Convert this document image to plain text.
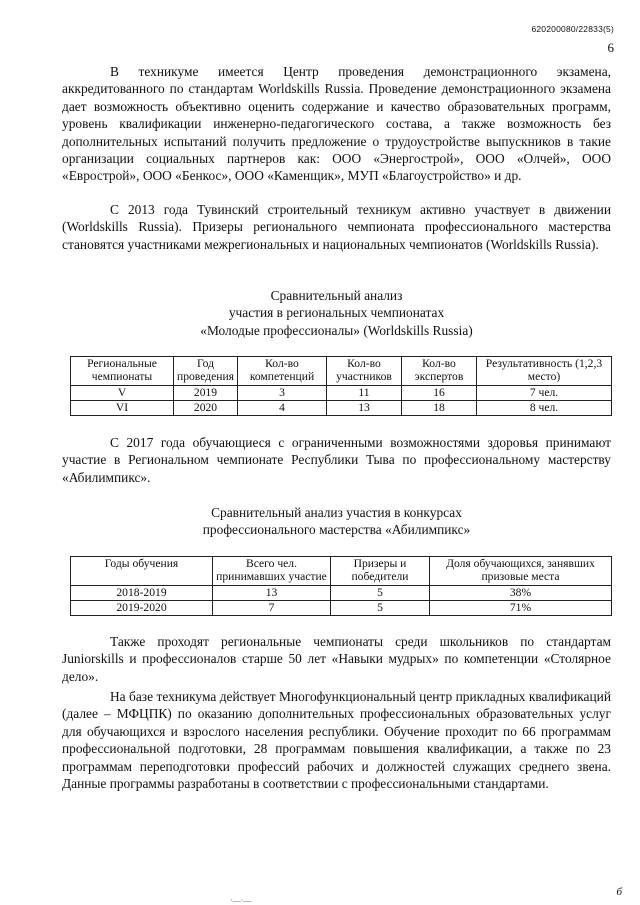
620200080/22833(5)
6

В техникуме имеется Центр проведения демонстрационного экзамена, аккредитованного по стандартам Worldskills Russia. Проведение демонстрационного экзамена дает возможность объективно оценить содержание и качество образовательных программ, уровень квалификации инженерно-педагогического состава, а также возможность без дополнительных испытаний получить предложение о трудоустройстве выпускников в такие организации социальных партнеров как: ООО «Энергострой», ООО «Олчей», ООО «Еврострой», ООО «Бенкос», ООО «Каменщик», МУП «Благоустройство» и др.

С 2013 года Тувинский строительный техникум активно участвует в движении (Worldskills Russia). Призеры регионального чемпионата профессионального мастерства становятся участниками межрегиональных и национальных чемпионатов (Worldskills Russia).

Сравнительный анализ
участия в региональных чемпионатах
«Молодые профессионалы» (Worldskills Russia)
Региональные чемпионаты	Год проведения	Кол-во компетенций	Кол-во участников	Кол-во экспертов	Результативность (1,2,3 место)
V	2019	3	11	16	7 чел.
VI	2020	4	13	18	8 чел.

С 2017 года обучающиеся с ограниченными возможностями здоровья принимают участие в Региональном чемпионате Республики Тыва по профессиональному мастерству «Абилимпикс».

Сравнительный анализ участия в конкурсах
профессионального мастерства «Абилимпикс»
Годы обучения	Всего чел. принимавших участие	Призеры и победители	Доля обучающихся, занявших призовые места
2018-2019	13	5	38%
2019-2020	7	5	71%

Также проходят региональные чемпионаты среди школьников по стандартам Juniorskills и профессионалов старше 50 лет «Навыки мудрых» по компетенции «Столярное дело».

На базе техникума действует Многофункциональный центр прикладных квалификаций (далее – МФЦПК) по оказанию дополнительных профессиональных образовательных услуг для обучающихся и взрослого населения республики. Обучение проходит по 66 программам профессиональной подготовки, 28 программам повышения квалификации, а также по 23 программам переподготовки профессий рабочих и должностей служащих среднего звена. Данные программы разработаны в соответствии с профессиональными стандартами.

б
·—·—
